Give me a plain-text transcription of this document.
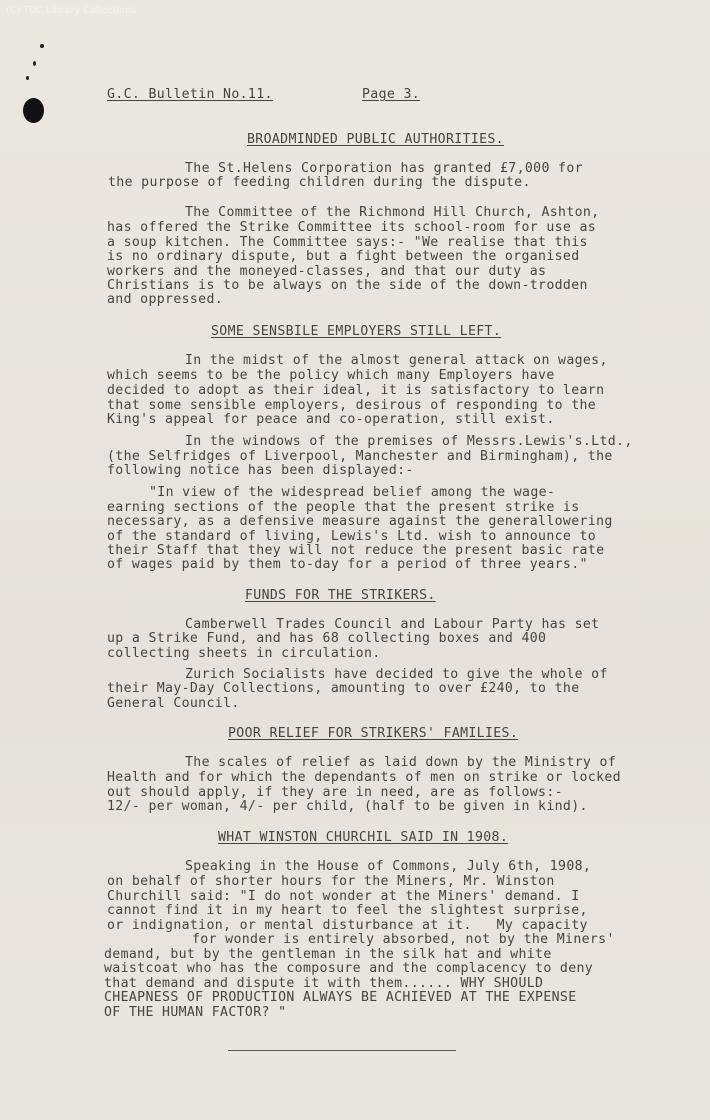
(C) TUC Library Collections
G.C. Bulletin No.11.	Page 3.
BROADMINDED PUBLIC AUTHORITIES.
The St.Helens Corporation has granted £7,000 for
the purpose of feeding children during the dispute.
The Committee of the Richmond Hill Church, Ashton,
has offered the Strike Committee its school-room for use as
a soup kitchen. The Committee says:- "We realise that this
is no ordinary dispute, but a fight between the organised
workers and the moneyed-classes, and that our duty as
Christians is to be always on the side of the down-trodden
and oppressed.
SOME SENSBILE EMPLOYERS STILL LEFT.
In the midst of the almost general attack on wages,
which seems to be the policy which many Employers have
decided to adopt as their ideal, it is satisfactory to learn
that some sensible employers, desirous of responding to the
King's appeal for peace and co-operation, still exist.
In the windows of the premises of Messrs.Lewis's.Ltd.,
(the Selfridges of Liverpool, Manchester and Birmingham), the
following notice has been displayed:-
"In view of the widespread belief among the wage-
earning sections of the people that the present strike is
necessary, as a defensive measure against the generallowering
of the standard of living, Lewis's Ltd. wish to announce to
their Staff that they will not reduce the present basic rate
of wages paid by them to-day for a period of three years."
FUNDS FOR THE STRIKERS.
Camberwell Trades Council and Labour Party has set
up a Strike Fund, and has 68 collecting boxes and 400
collecting sheets in circulation.
Zurich Socialists have decided to give the whole of
their May-Day Collections, amounting to over £240, to the
General Council.
POOR RELIEF FOR STRIKERS' FAMILIES.
The scales of relief as laid down by the Ministry of
Health and for which the dependants of men on strike or locked
out should apply, if they are in need, are as follows:-
12/- per woman, 4/- per child, (half to be given in kind).
WHAT WINSTON CHURCHIL SAID IN 1908.
Speaking in the House of Commons, July 6th, 1908,
on behalf of shorter hours for the Miners, Mr. Winston
Churchill said: "I do not wonder at the Miners' demand. I
cannot find it in my heart to feel the slightest surprise,
or indignation, or mental disturbance at it.   My capacity
for wonder is entirely absorbed, not by the Miners'
demand, but by the gentleman in the silk hat and white
waistcoat who has the composure and the complacency to deny
that demand and dispute it with them...... WHY SHOULD
CHEAPNESS OF PRODUCTION ALWAYS BE ACHIEVED AT THE EXPENSE
OF THE HUMAN FACTOR? "
